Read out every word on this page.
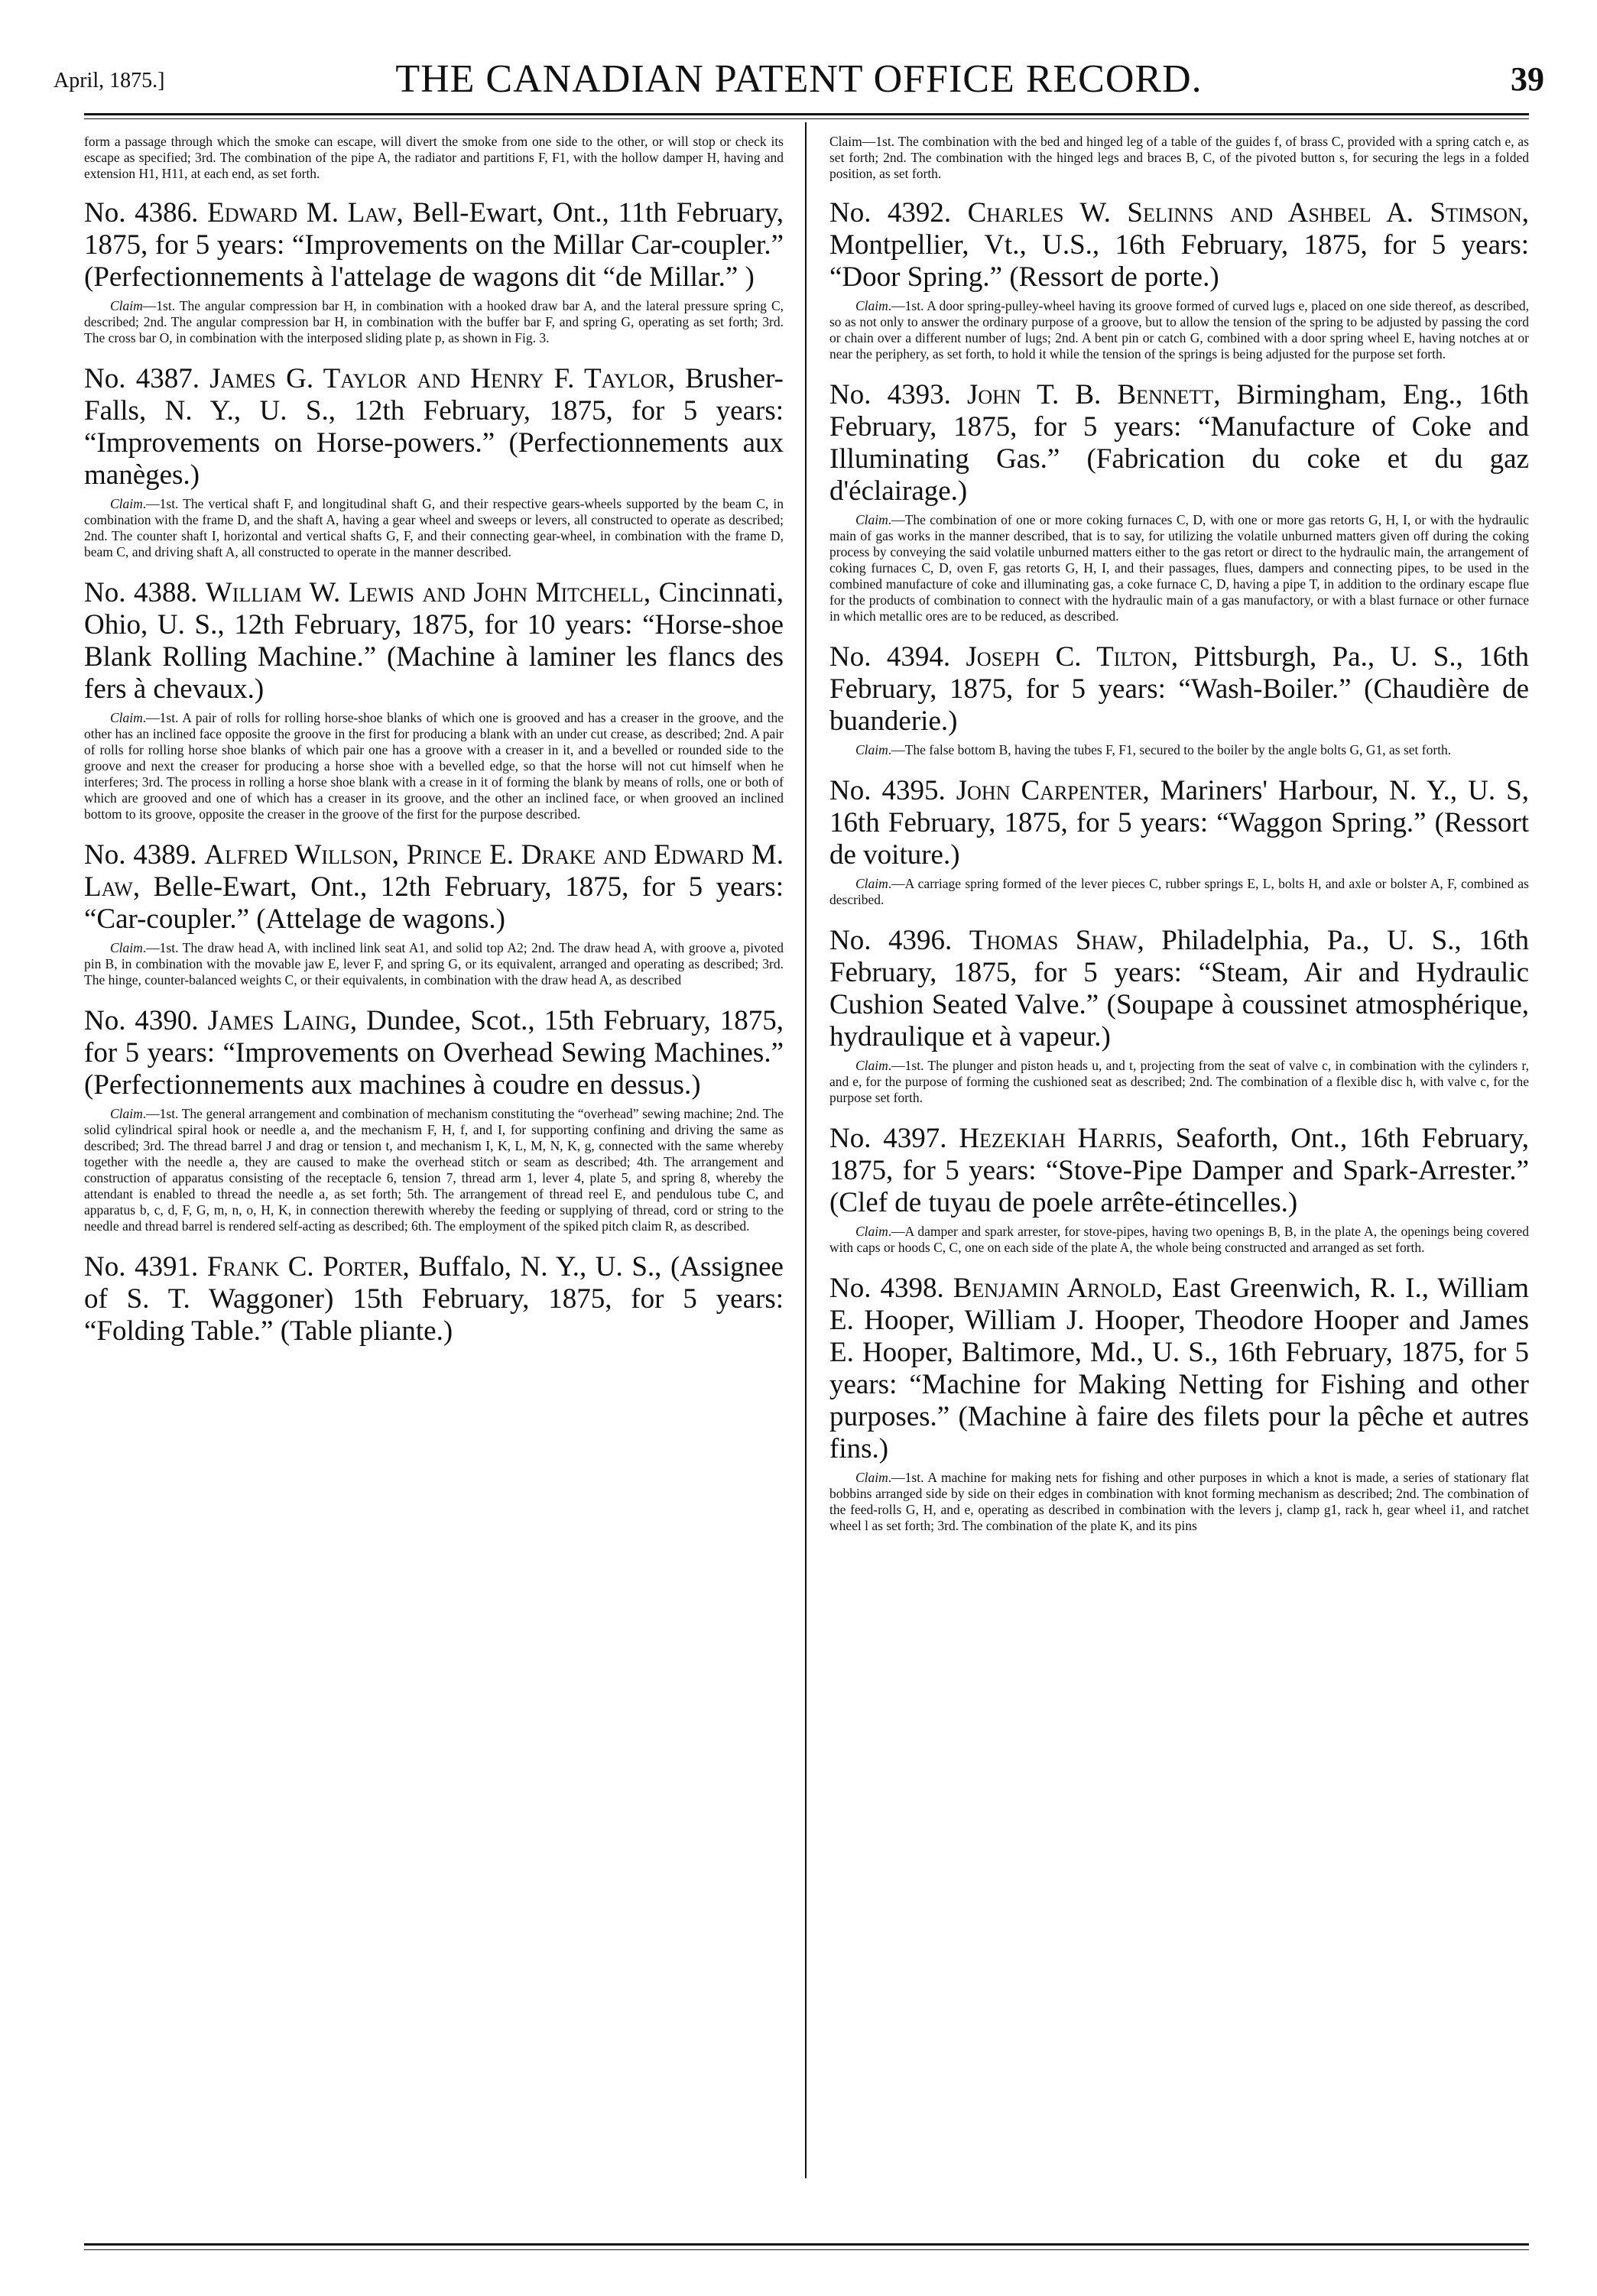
April, 1875.]	THE CANADIAN PATENT OFFICE RECORD.	39

form a passage through which the smoke can escape, will divert the smoke from one side to the other, or will stop or check its escape as specified; 3rd. The combination of the pipe A, the radiator and partitions F, F1, with the hollow damper H, having and extension H1, H11, at each end, as set forth.

No. 4386. Edward M. Law, Bell-Ewart, Ont., 11th February, 1875, for 5 years: “Improvements on the Millar Car-coupler.” (Perfectionnements à l'attelage de wagons dit “de Millar.” )

Claim—1st. The angular compression bar H, in combination with a hooked draw bar A, and the lateral pressure spring C, described; 2nd. The angular compression bar H, in combination with the buffer bar F, and spring G, operating as set forth; 3rd. The cross bar O, in combination with the interposed sliding plate p, as shown in Fig. 3.

No. 4387. James G. Taylor and Henry F. Taylor, Brusher-Falls, N. Y., U. S., 12th February, 1875, for 5 years: “Improvements on Horse-powers.” (Perfectionnements aux manèges.)

Claim.—1st. The vertical shaft F, and longitudinal shaft G, and their respective gears-wheels supported by the beam C, in combination with the frame D, and the shaft A, having a gear wheel and sweeps or levers, all constructed to operate as described; 2nd. The counter shaft I, horizontal and vertical shafts G, F, and their connecting gear-wheel, in combination with the frame D, beam C, and driving shaft A, all constructed to operate in the manner described.

No. 4388. William W. Lewis and John Mitchell, Cincinnati, Ohio, U. S., 12th February, 1875, for 10 years: “Horse-shoe Blank Rolling Machine.” (Machine à laminer les flancs des fers à chevaux.)

Claim.—1st. A pair of rolls for rolling horse-shoe blanks of which one is grooved and has a creaser in the groove, and the other has an inclined face opposite the groove in the first for producing a blank with an under cut crease, as described; 2nd. A pair of rolls for rolling horse shoe blanks of which pair one has a groove with a creaser in it, and a bevelled or rounded side to the groove and next the creaser for producing a horse shoe with a bevelled edge, so that the horse will not cut himself when he interferes; 3rd. The process in rolling a horse shoe blank with a crease in it of forming the blank by means of rolls, one or both of which are grooved and one of which has a creaser in its groove, and the other an inclined face, or when grooved an inclined bottom to its groove, opposite the creaser in the groove of the first for the purpose described.

No. 4389. Alfred Willson, Prince E. Drake and Edward M. Law, Belle-Ewart, Ont., 12th February, 1875, for 5 years: “Car-coupler.” (Attelage de wagons.)

Claim.—1st. The draw head A, with inclined link seat A1, and solid top A2; 2nd. The draw head A, with groove a, pivoted pin B, in combination with the movable jaw E, lever F, and spring G, or its equivalent, arranged and operating as described; 3rd. The hinge, counter-balanced weights C, or their equivalents, in combination with the draw head A, as described

No. 4390. James Laing, Dundee, Scot., 15th February, 1875, for 5 years: “Improvements on Overhead Sewing Machines.” (Perfectionnements aux machines à coudre en dessus.)

Claim.—1st. The general arrangement and combination of mechanism constituting the “overhead” sewing machine; 2nd. The solid cylindrical spiral hook or needle a, and the mechanism F, H, f, and I, for supporting confining and driving the same as described; 3rd. The thread barrel J and drag or tension t, and mechanism I, K, L, M, N, K, g, connected with the same whereby together with the needle a, they are caused to make the overhead stitch or seam as described; 4th. The arrangement and construction of apparatus consisting of the receptacle 6, tension 7, thread arm 1, lever 4, plate 5, and spring 8, whereby the attendant is enabled to thread the needle a, as set forth; 5th. The arrangement of thread reel E, and pendulous tube C, and apparatus b, c, d, F, G, m, n, o, H, K, in connection therewith whereby the feeding or supplying of thread, cord or string to the needle and thread barrel is rendered self-acting as described; 6th. The employment of the spiked pitch claim R, as described.

No. 4391. Frank C. Porter, Buffalo, N. Y., U. S., (Assignee of S. T. Waggoner) 15th February, 1875, for 5 years: “Folding Table.” (Table pliante.)

Claim—1st. The combination with the bed and hinged leg of a table of the guides f, of brass C, provided with a spring catch e, as set forth; 2nd. The combination with the hinged legs and braces B, C, of the pivoted button s, for securing the legs in a folded position, as set forth.

No. 4392. Charles W. Selinns and Ashbel A. Stimson, Montpellier, Vt., U.S., 16th February, 1875, for 5 years: “Door Spring.” (Ressort de porte.)

Claim.—1st. A door spring-pulley-wheel having its groove formed of curved lugs e, placed on one side thereof, as described, so as not only to answer the ordinary purpose of a groove, but to allow the tension of the spring to be adjusted by passing the cord or chain over a different number of lugs; 2nd. A bent pin or catch G, combined with a door spring wheel E, having notches at or near the periphery, as set forth, to hold it while the tension of the springs is being adjusted for the purpose set forth.

No. 4393. John T. B. Bennett, Birmingham, Eng., 16th February, 1875, for 5 years: “Manufacture of Coke and Illuminating Gas.” (Fabrication du coke et du gaz d'éclairage.)

Claim.—The combination of one or more coking furnaces C, D, with one or more gas retorts G, H, I, or with the hydraulic main of gas works in the manner described, that is to say, for utilizing the volatile unburned matters given off during the coking process by conveying the said volatile unburned matters either to the gas retort or direct to the hydraulic main, the arrangement of coking furnaces C, D, oven F, gas retorts G, H, I, and their passages, flues, dampers and connecting pipes, to be used in the combined manufacture of coke and illuminating gas, a coke furnace C, D, having a pipe T, in addition to the ordinary escape flue for the products of combination to connect with the hydraulic main of a gas manufactory, or with a blast furnace or other furnace in which metallic ores are to be reduced, as described.

No. 4394. Joseph C. Tilton, Pittsburgh, Pa., U. S., 16th February, 1875, for 5 years: “Wash-Boiler.” (Chaudière de buanderie.)

Claim.—The false bottom B, having the tubes F, F1, secured to the boiler by the angle bolts G, G1, as set forth.

No. 4395. John Carpenter, Mariners' Harbour, N. Y., U. S, 16th February, 1875, for 5 years: “Waggon Spring.” (Ressort de voiture.)

Claim.—A carriage spring formed of the lever pieces C, rubber springs E, L, bolts H, and axle or bolster A, F, combined as described.

No. 4396. Thomas Shaw, Philadelphia, Pa., U. S., 16th February, 1875, for 5 years: “Steam, Air and Hydraulic Cushion Seated Valve.” (Soupape à coussinet atmosphérique, hydraulique et à vapeur.)

Claim.—1st. The plunger and piston heads u, and t, projecting from the seat of valve c, in combination with the cylinders r, and e, for the purpose of forming the cushioned seat as described; 2nd. The combination of a flexible disc h, with valve c, for the purpose set forth.

No. 4397. Hezekiah Harris, Seaforth, Ont., 16th February, 1875, for 5 years: “Stove-Pipe Damper and Spark-Arrester.” (Clef de tuyau de poele arrête-étincelles.)

Claim.—A damper and spark arrester, for stove-pipes, having two openings B, B, in the plate A, the openings being covered with caps or hoods C, C, one on each side of the plate A, the whole being constructed and arranged as set forth.

No. 4398. Benjamin Arnold, East Greenwich, R. I., William E. Hooper, William J. Hooper, Theodore Hooper and James E. Hooper, Baltimore, Md., U. S., 16th February, 1875, for 5 years: “Machine for Making Netting for Fishing and other purposes.” (Machine à faire des filets pour la pêche et autres fins.)

Claim.—1st. A machine for making nets for fishing and other purposes in which a knot is made, a series of stationary flat bobbins arranged side by side on their edges in combination with knot forming mechanism as described; 2nd. The combination of the feed-rolls G, H, and e, operating as described in combination with the levers j, clamp g1, rack h, gear wheel i1, and ratchet wheel l as set forth; 3rd. The combination of the plate K, and its pins
